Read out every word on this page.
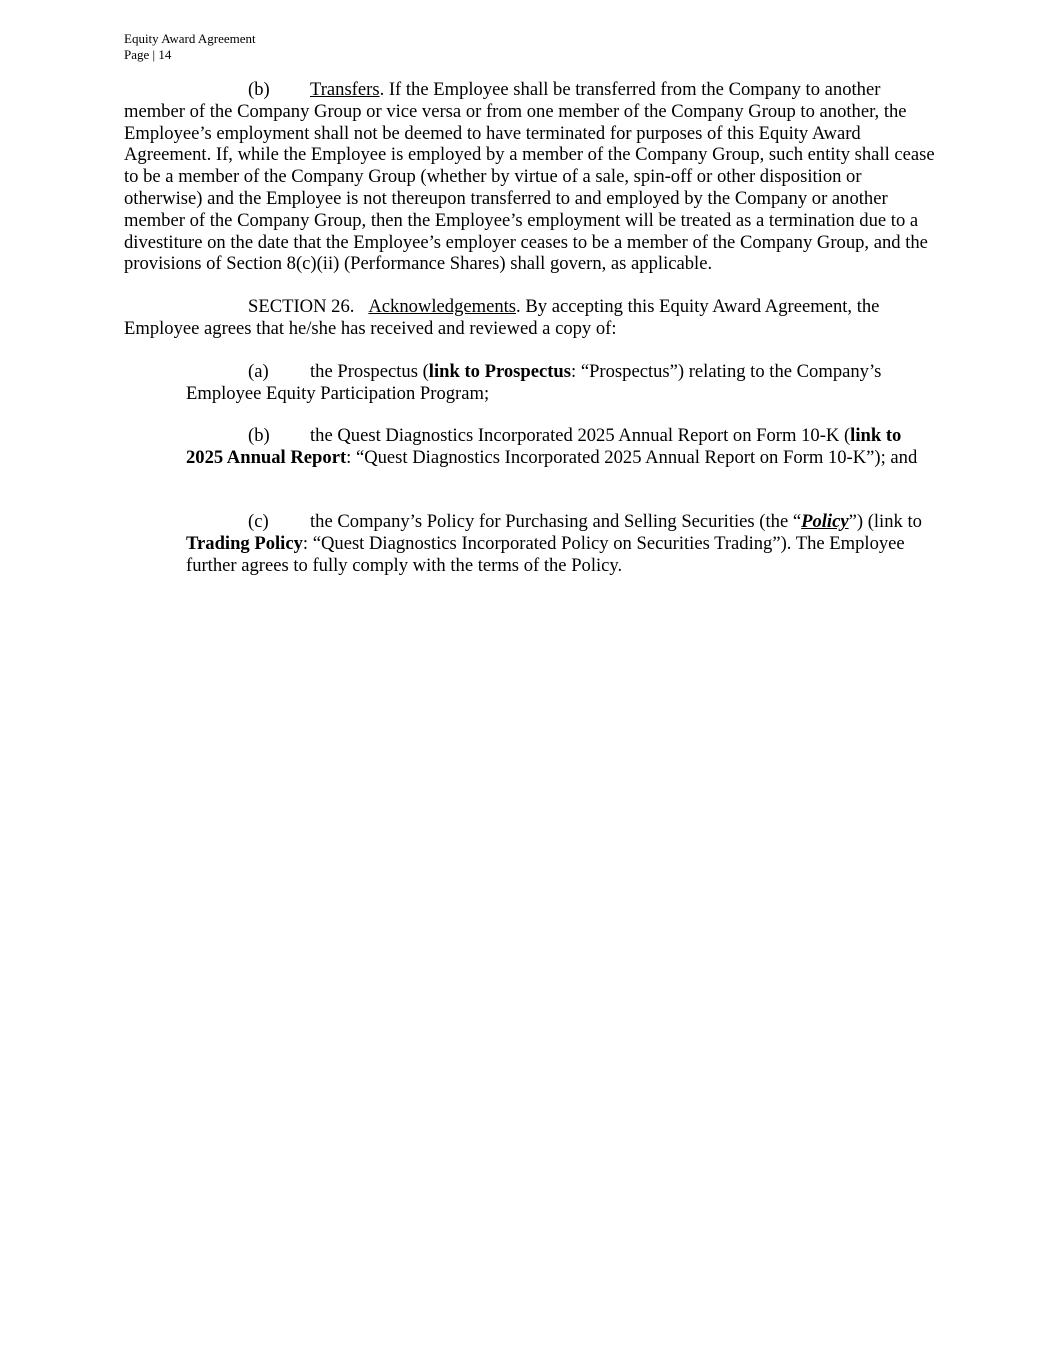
Equity Award Agreement
Page | 14

(b) Transfers. If the Employee shall be transferred from the Company to another member of the Company Group or vice versa or from one member of the Company Group to another, the Employee’s employment shall not be deemed to have terminated for purposes of this Equity Award Agreement. If, while the Employee is employed by a member of the Company Group, such entity shall cease to be a member of the Company Group (whether by virtue of a sale, spin-off or other disposition or otherwise) and the Employee is not thereupon transferred to and employed by the Company or another member of the Company Group, then the Employee’s employment will be treated as a termination due to a divestiture on the date that the Employee’s employer ceases to be a member of the Company Group, and the provisions of Section 8(c)(ii) (Performance Shares) shall govern, as applicable.

SECTION 26. Acknowledgements. By accepting this Equity Award Agreement, the Employee agrees that he/she has received and reviewed a copy of:

(a) the Prospectus (link to Prospectus: “Prospectus”) relating to the Company’s Employee Equity Participation Program;

(b) the Quest Diagnostics Incorporated 2025 Annual Report on Form 10-K (link to 2025 Annual Report: “Quest Diagnostics Incorporated 2025 Annual Report on Form 10-K”); and

(c) the Company’s Policy for Purchasing and Selling Securities (the “Policy”) (link to Trading Policy: “Quest Diagnostics Incorporated Policy on Securities Trading”). The Employee further agrees to fully comply with the terms of the Policy.
